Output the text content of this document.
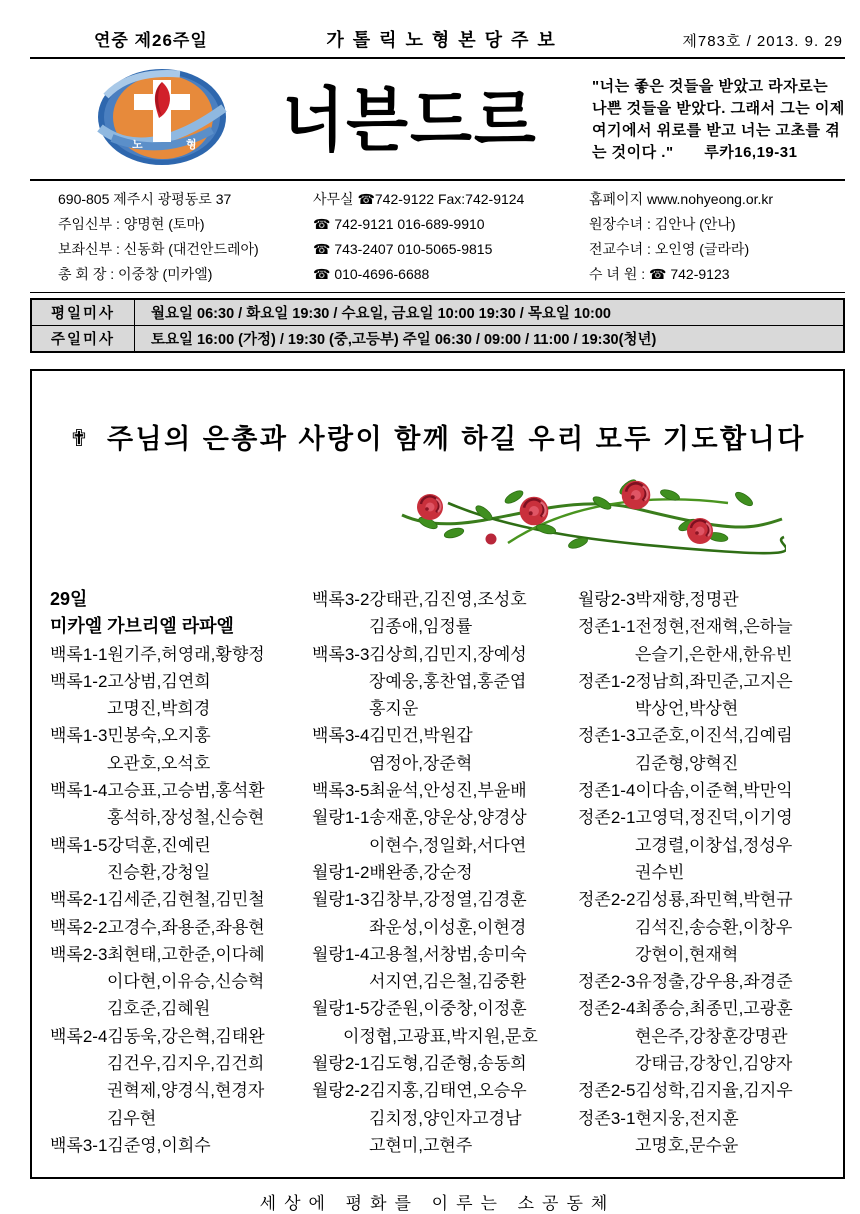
연중 제26주일	가톨릭노형본당주보	제783호 / 2013. 9. 29
노	형	너븐드르	"너는 좋은 것들을 받았고 라자로는 나쁜 것들을 받았다. 그래서 그는 이제 여기에서 위로를 받고 너는 고초를 겪는 것이다 ." 루카16,19-31
690-805 제주시 광평동로 37
주임신부 : 양명현 (토마)
보좌신부 : 신동화 (대건안드레아)
총 회 장 : 이중창 (미카엘)
사무실 ☎742-9122 Fax:742-9124
☎ 742-9121 016-689-9910
☎ 743-2407 010-5065-9815
☎ 010-4696-6688
홈페이지 www.nohyeong.or.kr
원장수녀 : 김안나 (안나)
전교수녀 : 오인영 (글라라)
수 녀 원 : ☎ 742-9123
평일미사	월요일 06:30 / 화요일 19:30 / 수요일, 금요일 10:00 19:30 / 목요일 10:00
주일미사	토요일 16:00 (가정) / 19:30 (중,고등부) 주일 06:30 / 09:00 / 11:00 / 19:30(청년)
✟ 주님의 은총과 사랑이 함께 하길 우리 모두 기도합니다
29일
미카엘 가브리엘 라파엘
백록1-1원기주,허영래,황향정
백록1-2고상범,김연희
고명진,박희경
백록1-3민봉숙,오지홍
오관호,오석호
백록1-4고승표,고승범,홍석환
홍석하,장성철,신승현
백록1-5강덕훈,진예린
진승환,강청일
백록2-1김세준,김현철,김민철
백록2-2고경수,좌용준,좌용현
백록2-3최현태,고한준,이다혜
이다현,이유승,신승혁
김호준,김혜원
백록2-4김동욱,강은혁,김태완
김건우,김지우,김건희
권혁제,양경식,현경자
김우현
백록3-1김준영,이희수
백록3-2강태관,김진영,조성호
김종애,임정률
백록3-3김상희,김민지,장예성
장예웅,홍찬엽,홍준엽
홍지운
백록3-4김민건,박원갑
염정아,장준혁
백록3-5최윤석,안성진,부윤배
월랑1-1송재훈,양운상,양경상
이현수,정일화,서다연
월랑1-2배완종,강순정
월랑1-3김창부,강정열,김경훈
좌운성,이성훈,이현경
월랑1-4고용철,서창범,송미숙
서지연,김은철,김중환
월랑1-5강준원,이중창,이정훈
이정협,고광표,박지원,문호
월랑2-1김도형,김준형,송동희
월랑2-2김지홍,김태연,오승우
김치정,양인자고경남
고현미,고현주
월랑2-3박재향,정명관
정존1-1전정현,전재혁,은하늘
은슬기,은한새,한유빈
정존1-2정남희,좌민준,고지은
박상언,박상현
정존1-3고준호,이진석,김예림
김준형,양혁진
정존1-4이다솜,이준혁,박만익
정존2-1고영덕,정진덕,이기영
고경렬,이창섭,정성우
권수빈
정존2-2김성룡,좌민혁,박현규
김석진,송승환,이창우
강현이,현재혁
정존2-3유정출,강우용,좌경준
정존2-4최종승,최종민,고광훈
현은주,강창훈강명관
강태금,강창인,김양자
정존2-5김성학,김지율,김지우
정존3-1현지웅,전지훈
고명호,문수윤
세상에 평화를 이루는 소공동체
